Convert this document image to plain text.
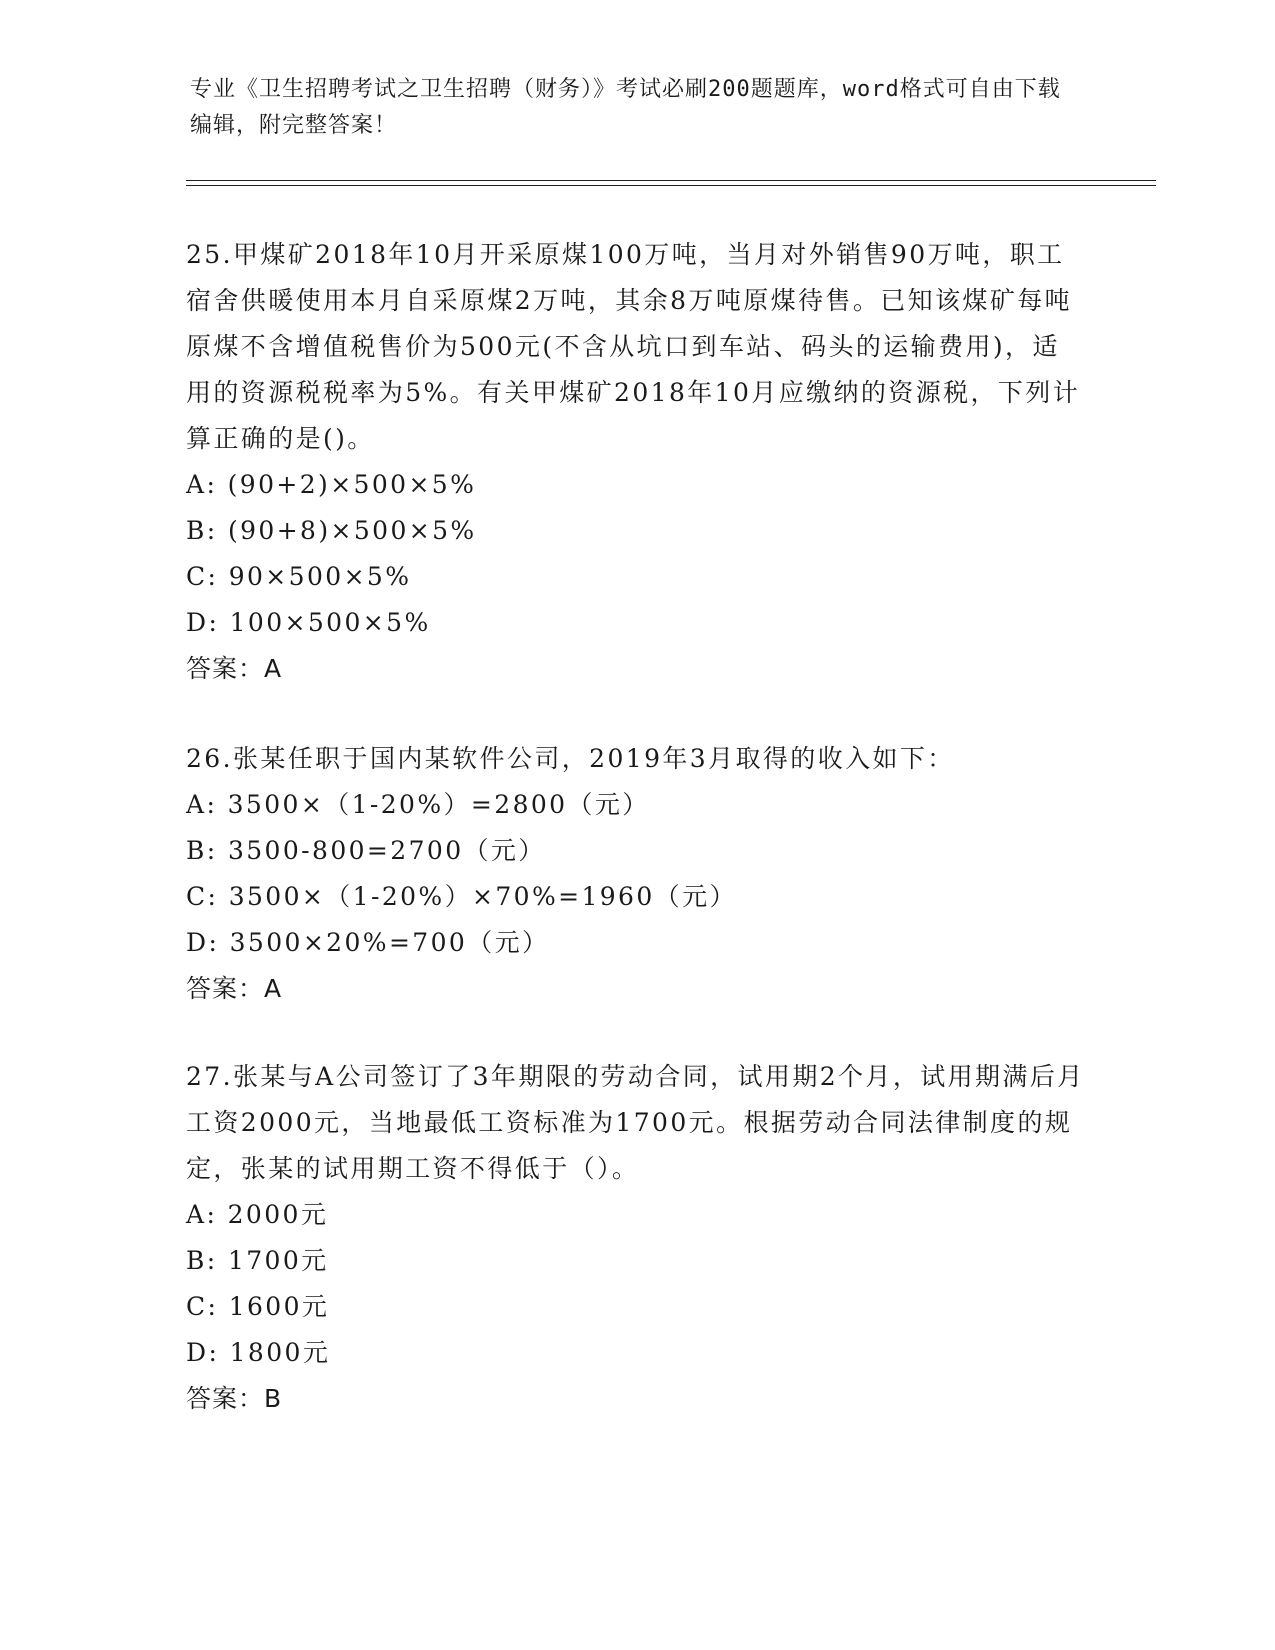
专业《卫生招聘考试之卫生招聘（财务）》考试必刷200题题库，word格式可自由下载编辑，附完整答案！

25.甲煤矿2018年10月开采原煤100万吨，当月对外销售90万吨，职工宿舍供暖使用本月自采原煤2万吨，其余8万吨原煤待售。已知该煤矿每吨原煤不含增值税售价为500元(不含从坑口到车站、码头的运输费用)，适用的资源税税率为5%。有关甲煤矿2018年10月应缴纳的资源税，下列计算正确的是()。

A: (90+2)×500×5%

B: (90+8)×500×5%

C: 90×500×5%

D: 100×500×5%

答案：A

26.张某任职于国内某软件公司，2019年3月取得的收入如下：

A: 3500×（1-20%）=2800（元）

B: 3500-800=2700（元）

C: 3500×（1-20%）×70%=1960（元）

D: 3500×20%=700（元）

答案：A

27.张某与A公司签订了3年期限的劳动合同，试用期2个月，试用期满后月工资2000元，当地最低工资标准为1700元。根据劳动合同法律制度的规定，张某的试用期工资不得低于（）。

A: 2000元

B: 1700元

C: 1600元

D: 1800元

答案：B
